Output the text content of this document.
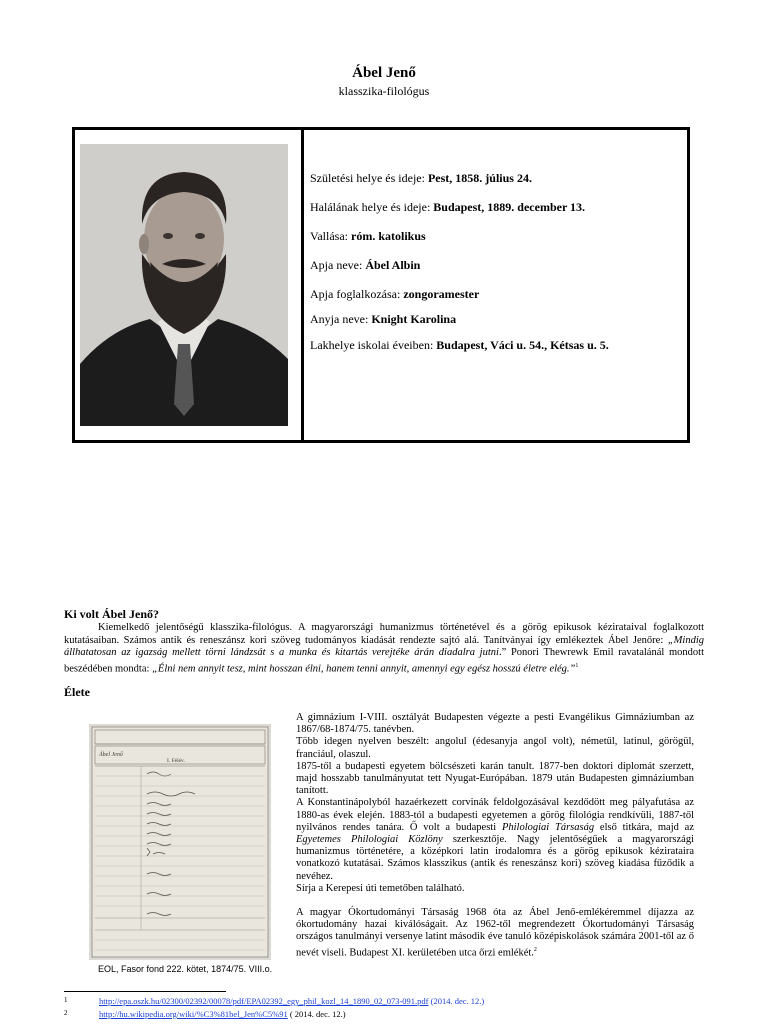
Ábel Jenő
klasszika-filológus
Születési helye és ideje: Pest, 1858. július 24.
Halálának helye és ideje: Budapest, 1889. december 13.
Vallása: róm. katolikus
Apja neve: Ábel Albin
Apja foglalkozása: zongoramester
Anyja neve: Knight Karolina
Lakhelye iskolai éveiben: Budapest, Váci u. 54., Kétsas u. 5.
Ki volt Ábel Jenő?
Kiemelkedő jelentőségű klasszika-filológus. A magyarországi humanizmus történetével és a görög epikusok kézirataival foglalkozott kutatásaiban. Számos antik és reneszánsz kori szöveg tudományos kiadását rendezte sajtó alá. Tanítványai így emlékeztek Ábel Jenőre: „Mindig állhatatosan az igazság mellett törni lándzsát s a munka és kitartás verejtéke árán diadalra jutni.” Ponori Thewrewk Emil ravatalánál mondott beszédében mondta: „Élni nem annyit tesz, mint hosszan élni, hanem tenni annyit, amennyi egy egész hosszú életre elég.”$^1$
Élete
Ábel Jenő
I. Félév.
EOL, Fasor fond 222. kötet, 1874/75. VIII.o.

A gimnázium I-VIII. osztályát Budapesten végezte a pesti Evangélikus Gimnáziumban az 1867/68-1874/75. tanévben.

Több idegen nyelven beszélt: angolul (édesanyja angol volt), németül, latinul, görögül, franciául, olaszul.

1875-től a budapesti egyetem bölcsészeti karán tanult. 1877-ben doktori diplomát szerzett, majd hosszabb tanulmányutat tett Nyugat-Európában. 1879 után Budapesten gimnáziumban tanított.

A Konstantinápolyból hazaérkezett corvinák feldolgozásával kezdődött meg pályafutása az 1880-as évek elején. 1883-tól a budapesti egyetemen a görög filológia rendkívüli, 1887-től nyilvános rendes tanára. Ő volt a budapesti Philologiai Társaság első titkára, majd az Egyetemes Philologiai Közlöny szerkesztője. Nagy jelentőségűek a magyarországi humanizmus történetére, a középkori latin irodalomra és a görög epikusok kézirataira vonatkozó kutatásai. Számos klasszikus (antik és reneszánsz kori) szöveg kiadása fűződik a nevéhez.

Sírja a Kerepesi úti temetőben található.

A magyar Ókortudományi Társaság 1968 óta az Ábel Jenő-emlékéremmel díjazza az ókortudomány hazai kiválóságait. Az 1962-től megrendezett Ókortudományi Társaság országos tanulmányi versenye latint második éve tanuló középiskolások számára 2001-től az ő nevét viseli. Budapest XI. kerületében utca őrzi emlékét.$^2$

1	http://epa.oszk.hu/02300/02392/00078/pdf/EPA02392_egy_phil_kozl_14_1890_02_073-091.pdf (2014. dec. 12.)
2	http://hu.wikipedia.org/wiki/%C3%81bel_Jen%C5%91 ( 2014. dec. 12.)
